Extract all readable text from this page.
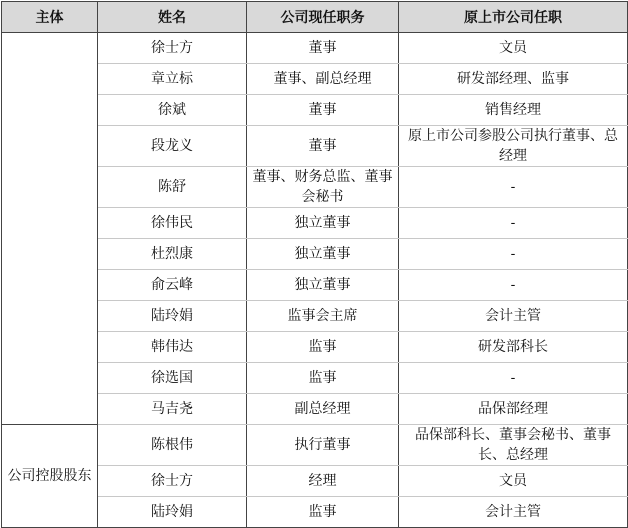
主体	姓名	公司现任职务	原上市公司任职
	徐士方	董事	文员
	章立标	董事、副总经理	研发部经理、监事
	徐斌	董事	销售经理
	段龙义	董事	原上市公司参股公司执行董事、总经理
	陈舒	董事、财务总监、董事会秘书	-
	徐伟民	独立董事	-
	杜烈康	独立董事	-
	俞云峰	独立董事	-
	陆玲娟	监事会主席	会计主管
	韩伟达	监事	研发部科长
	徐选国	监事	-
	马吉尧	副总经理	品保部经理
公司控股股东	陈根伟	执行董事	品保部科长、董事会秘书、董事长、总经理
	徐士方	经理	文员
	陆玲娟	监事	会计主管
